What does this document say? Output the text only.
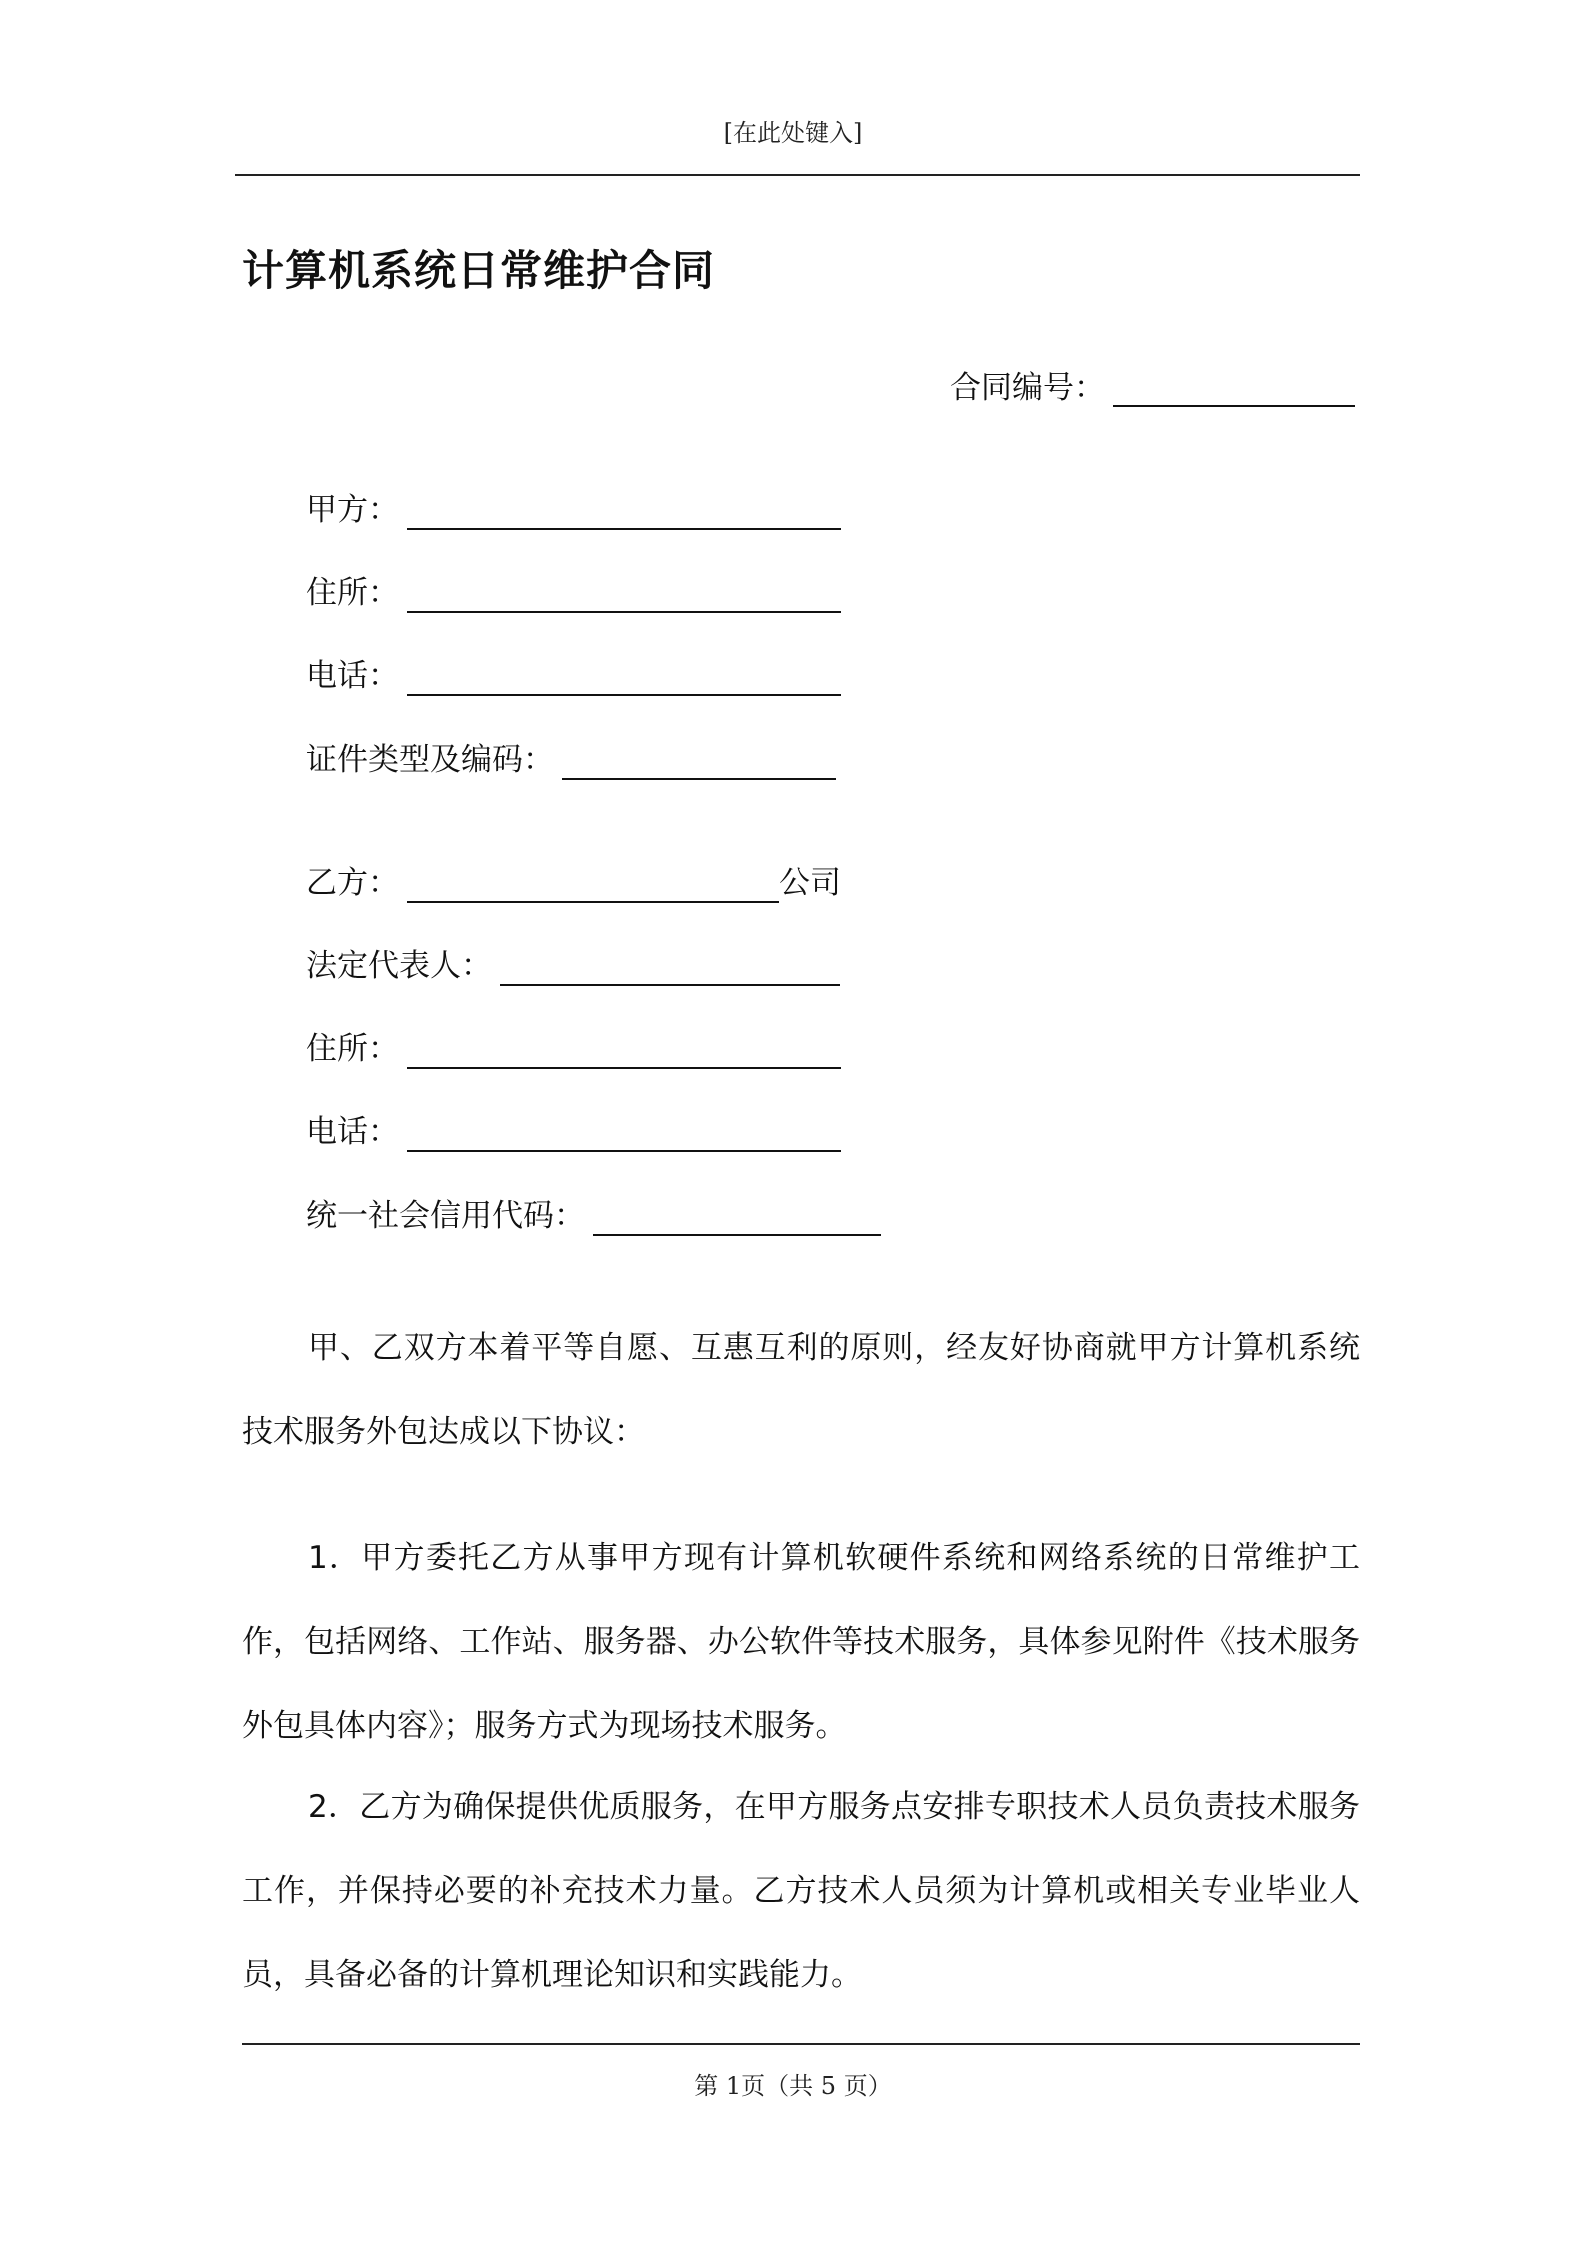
[在此处键入]
计算机系统日常维护合同
合同编号：
甲方：
住所：
电话：
证件类型及编码：
乙方：	公司
法定代表人：
住所：
电话：
统一社会信用代码：

甲、乙双方本着平等自愿、互惠互利的原则，经友好协商就甲方计算机系统技术服务外包达成以下协议：

1．甲方委托乙方从事甲方现有计算机软硬件系统和网络系统的日常维护工作，包括网络、工作站、服务器、办公软件等技术服务，具体参见附件《技术服务外包具体内容》；服务方式为现场技术服务。

2．乙方为确保提供优质服务，在甲方服务点安排专职技术人员负责技术服务工作，并保持必要的补充技术力量。乙方技术人员须为计算机或相关专业毕业人员，具备必备的计算机理论知识和实践能力。

第 1页（共 5 页）
